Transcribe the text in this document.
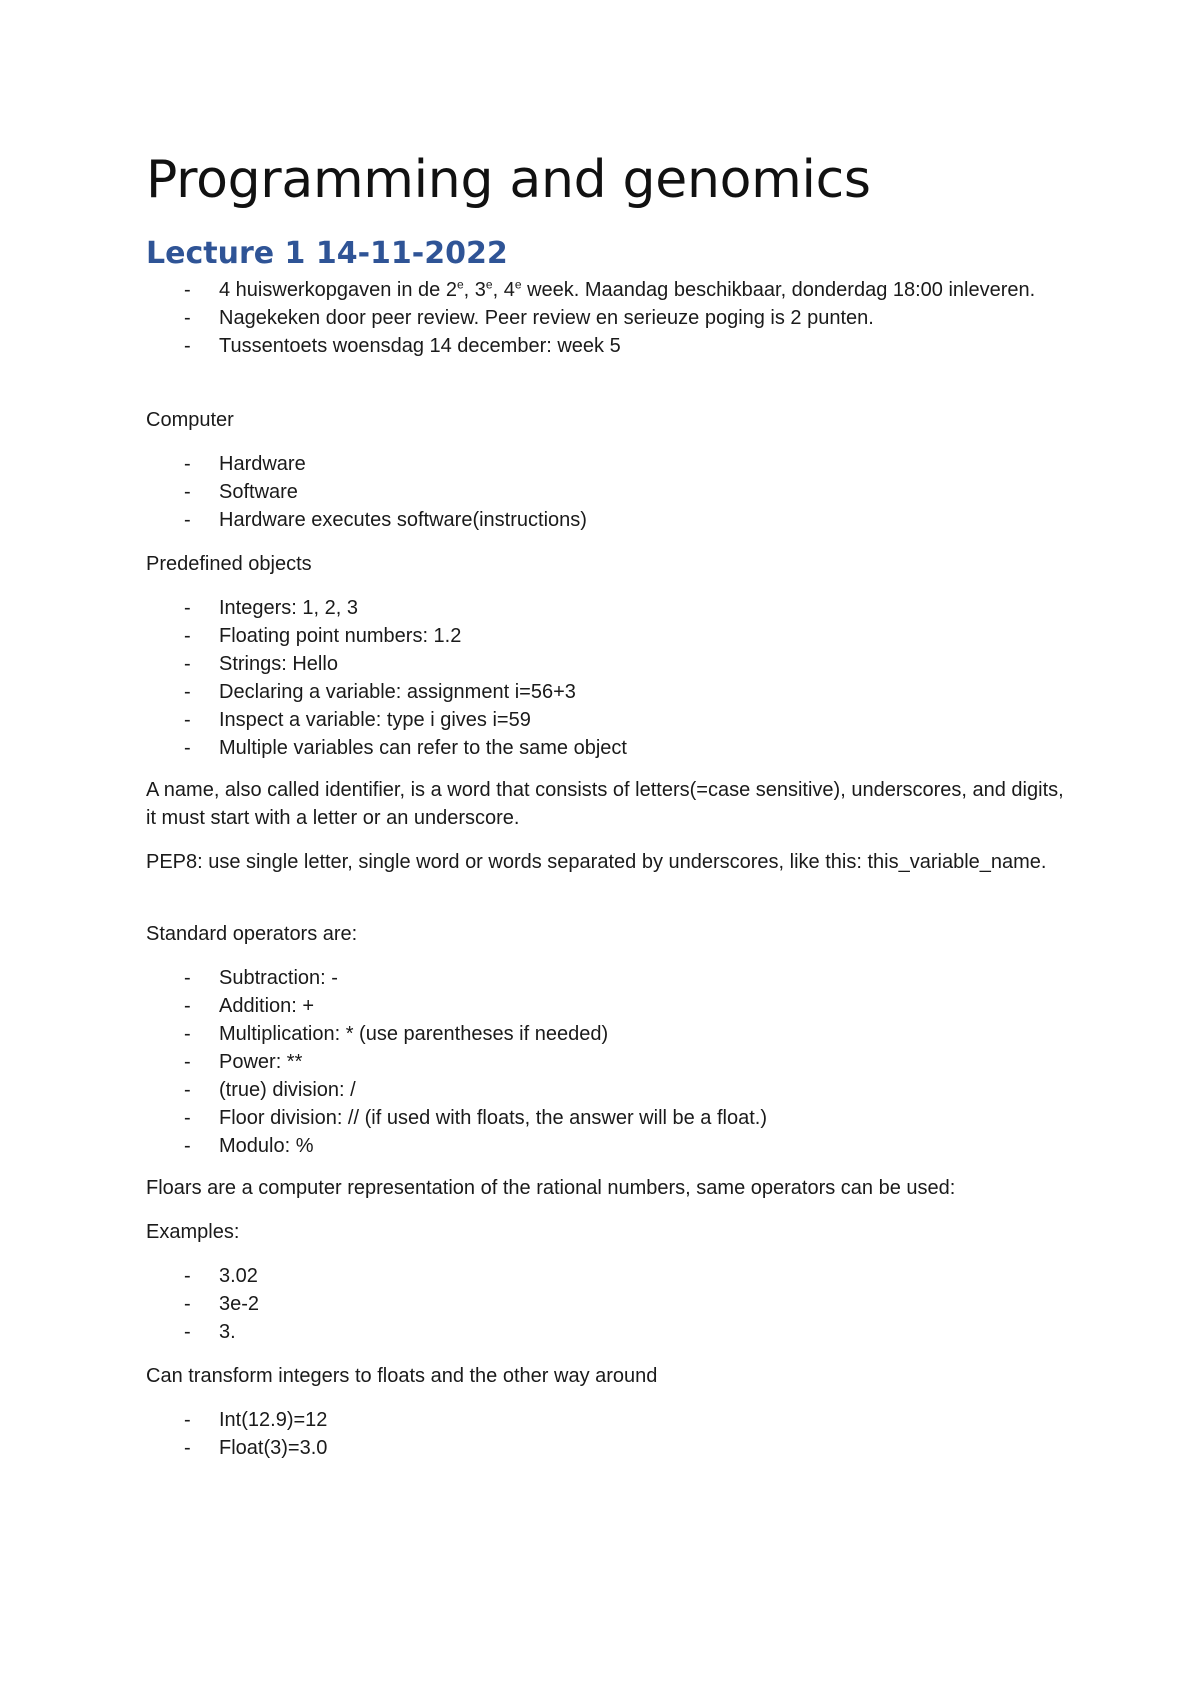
Programming and genomics
Lecture 1 14-11-2022
- 4 huiswerkopgaven in de 2e, 3e, 4e week. Maandag beschikbaar, donderdag 18:00 inleveren.
- Nagekeken door peer review. Peer review en serieuze poging is 2 punten.
- Tussentoets woensdag 14 december: week 5

Computer

- Hardware
- Software
- Hardware executes software(instructions)

Predefined objects

- Integers: 1, 2, 3
- Floating point numbers: 1.2
- Strings: Hello
- Declaring a variable: assignment i=56+3
- Inspect a variable: type i gives i=59
- Multiple variables can refer to the same object

A name, also called identifier, is a word that consists of letters(=case sensitive), underscores, and digits, it must start with a letter or an underscore.

PEP8: use single letter, single word or words separated by underscores, like this: this_variable_name.

Standard operators are:

- Subtraction: -
- Addition: +
- Multiplication: * (use parentheses if needed)
- Power: **
- (true) division: /
- Floor division: // (if used with floats, the answer will be a float.)
- Modulo: %

Floars are a computer representation of the rational numbers, same operators can be used:

Examples:

- 3.02
- 3e-2
- 3.

Can transform integers to floats and the other way around

- Int(12.9)=12
- Float(3)=3.0
